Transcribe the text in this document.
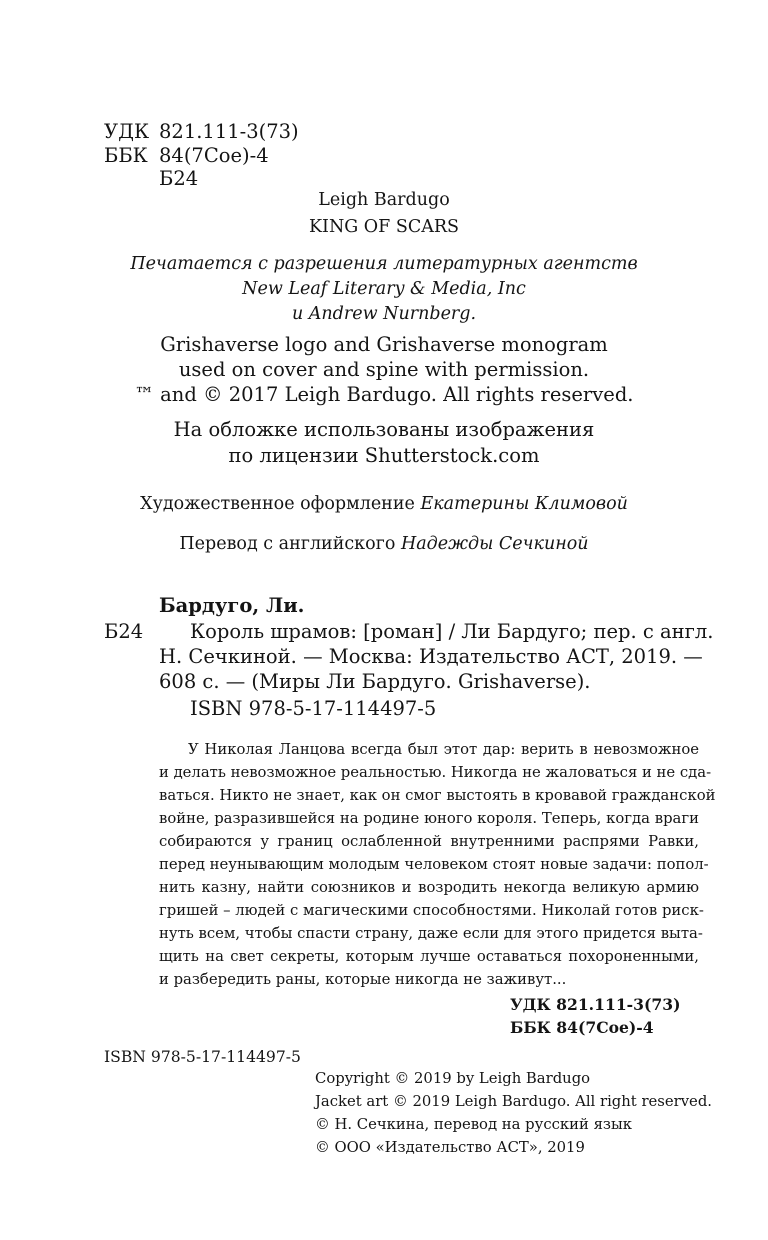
УДК 821.111-3(73)
ББК 84(7Сое)-4
Б24
Leigh Bardugo
KING OF SCARS
Печатается с разрешения литературных агентств
New Leaf Literary & Media, Inc
и Andrew Nurnberg.
Grishaverse logo and Grishaverse monogram
used on cover and spine with permission.
™ and © 2017 Leigh Bardugo. All rights reserved.
На обложке использованы изображения
по лицензии Shutterstock.com
Художественное оформление Екатерины Климовой
Перевод с английского Надежды Сечкиной
Бардуго, Ли.
Б24 Король шрамов: [роман] / Ли Бардуго; пер. с англ.
Н. Сечкиной. — Москва: Издательство АСТ, 2019. —
608 с. — (Миры Ли Бардуго. Grishaverse).
ISBN 978-5-17-114497-5
У Николая Ланцова всегда был этот дар: верить в невозможное
и делать невозможное реальностью. Никогда не жаловаться и не сда-
ваться. Никто не знает, как он смог выстоять в кровавой гражданской
войне, разразившейся на родине юного короля. Теперь, когда враги
собираются у границ ослабленной внутренними распрями Равки,
перед неунывающим молодым человеком стоят новые задачи: попол-
нить казну, найти союзников и возродить некогда великую армию
гришей – людей с магическими способностями. Николай готов риск-
нуть всем, чтобы спасти страну, даже если для этого придется выта-
щить на свет секреты, которым лучше оставаться похороненными,
и разбередить раны, которые никогда не заживут...
УДК 821.111-3(73)
ББК 84(7Сое)-4
ISBN 978-5-17-114497-5
Copyright © 2019 by Leigh Bardugo
Jacket art © 2019 Leigh Bardugo. All right reserved.
© Н. Сечкина, перевод на русский язык
© ООО «Издательство АСТ», 2019
